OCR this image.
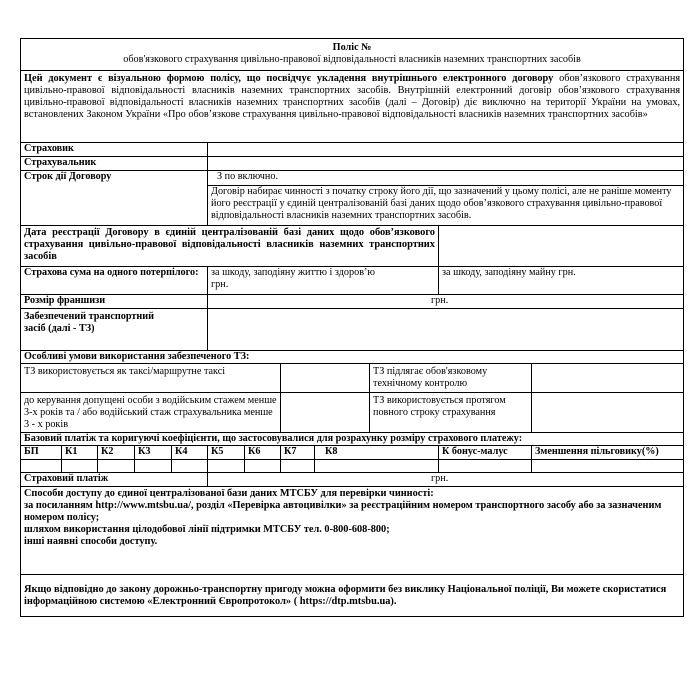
Поліс №
обов'язкового страхування цивільно-правової відповідальності власників наземних транспортних засобів											

Цей документ є візуальною формою полісу, що посвідчує укладення внутрішнього електронного договору обов’язкового страхування цивільно-правової відповідальності власників наземних транспортних засобів. Внутрішній електронний договір обов’язкового страхування цивільно-правової відповідальності власників наземних транспортних засобів (далі – Договір) діє виключно на території України на умовах, встановлених Законом України «Про обов’язкове страхування цивільно-правової відповідальності власників наземних транспортних засобів»											
Страховик											
Страхувальник											
Строк дії Договору					З по включно.						
					Договір набирає чинності з початку строку його дії, що зазначений у цьому полісі, але не раніше моменту його реєстрації у єдиній централізованій базі даних щодо обов’язкового страхування цивільно-правової відповідальності власників наземних транспортних засобів.						
Дата реєстрації Договору в єдиній централізованій базі даних щодо обов’язкового страхування цивільно-правової відповідальності власників наземних транспортних засобів											
Страхова сума на одного потерпілого:					за шкоду, заподіяну життю і здоров’ю
грн.					за шкоду, заподіяну майну грн.	
Розмір франшизи					грн.						
Забезпечений транспортний засіб (далі - ТЗ)											
Особливі умови використання забезпеченого ТЗ:											
ТЗ використовується як таксі/маршрутне таксі									ТЗ підлягає обов'язковому технічному контролю		
до керування допущені особи з водійським стажем менше 3-х років та / або водійський стаж страхувальника менше 3 - х років									ТЗ використовується протягом повного строку страхування		
Базовий платіж та коригуючі коефіцієнти, що застосовувалися для розрахунку розміру страхового платежу:											
БП	К1	К2	К3	К4	К5	К6	К7	К8		К бонус-малус	Зменшення пільговику(%)

Страховий платіж					грн.						

Способи доступу до єдиної централізованої бази даних МТСБУ для перевірки чинності:
за посиланням http://www.mtsbu.ua/, розділ «Перевірка автоцивілки» за реєстраційним номером транспортного засобу або за зазначеним номером полісу;
шляхом використання цілодобової лінії підтримки МТСБУ тел. 0-800-608-800;
інші наявні способи доступу.											

Якщо відповідно до закону дорожньо-транспортну пригоду можна оформити без виклику Національної поліції, Ви можете скористатися інформаційною системою «Електронний Європротокол» ( https://dtp.mtsbu.ua).											
